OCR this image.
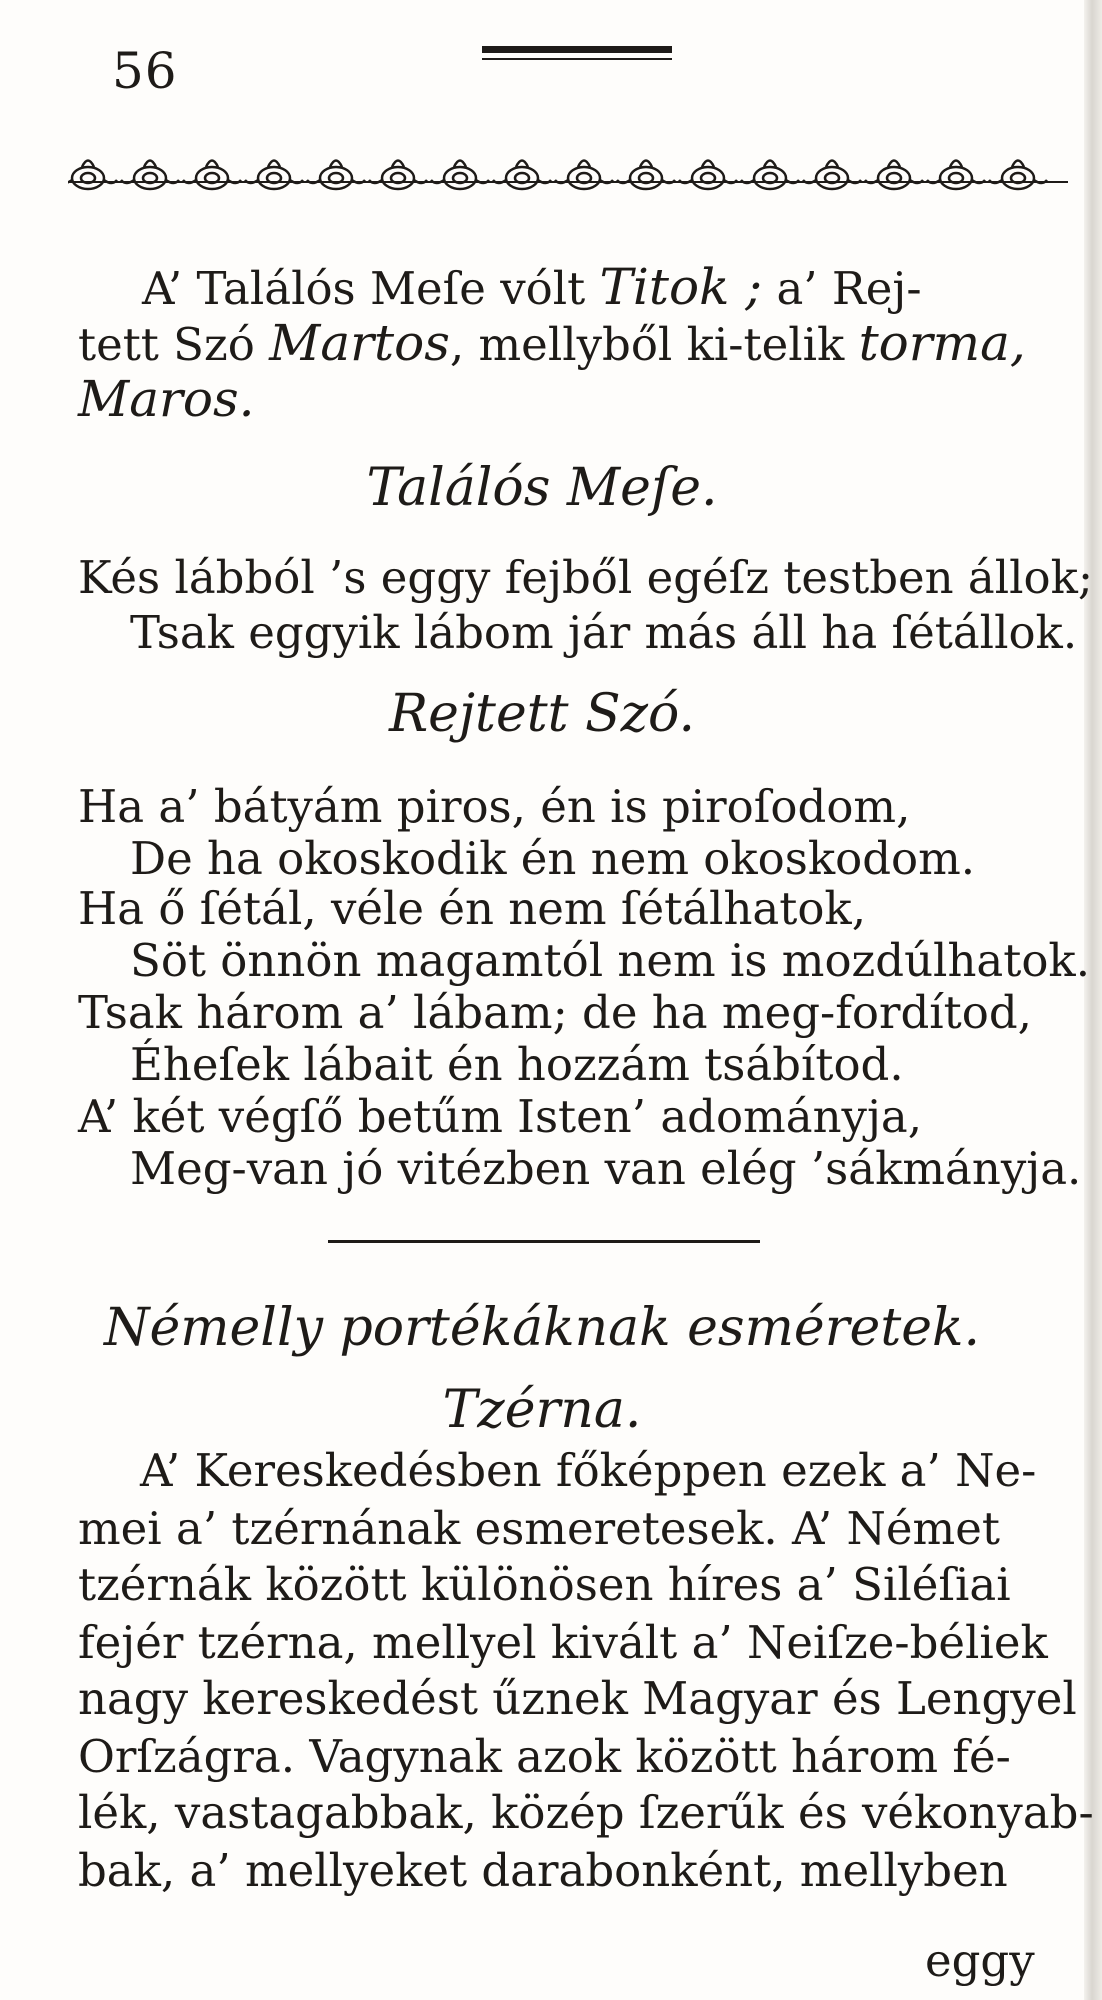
56
A’ Találós Meſe vólt Titok ; a’ Rej-
tett Szó Martos, mellyből ki-telik torma,
Maros.
Találós Meſe.
Kés lábból ’s eggy fejből egéſz testben állok;
Tsak eggyik lábom jár más áll ha ſétállok.
Rejtett Szó.
Ha a’ bátyám piros, én is piroſodom,
De ha okoskodik én nem okoskodom.
Ha ő ſétál, véle én nem ſétálhatok,
Söt önnön magamtól nem is mozdúlhatok.
Tsak három a’ lábam; de ha meg-fordítod,
Éheſek lábait én hozzám tsábítod.
A’ két végſő betűm Isten’ adományja,
Meg-van jó vitézben van elég ’sákmányja.
Némelly portékáknak esméretek.
Tzérna.
A’ Kereskedésben főképpen ezek a’ Ne-
mei a’ tzérnának esmeretesek. A’ Német
tzérnák között különösen híres a’ Siléſiai
fejér tzérna, mellyel kivált a’ Neiſze-béliek
nagy kereskedést űznek Magyar és Lengyel
Orſzágra. Vagynak azok között három fé-
lék, vastagabbak, közép ſzerűk és vékonyab-
bak, a’ mellyeket darabonként, mellyben
eggy
